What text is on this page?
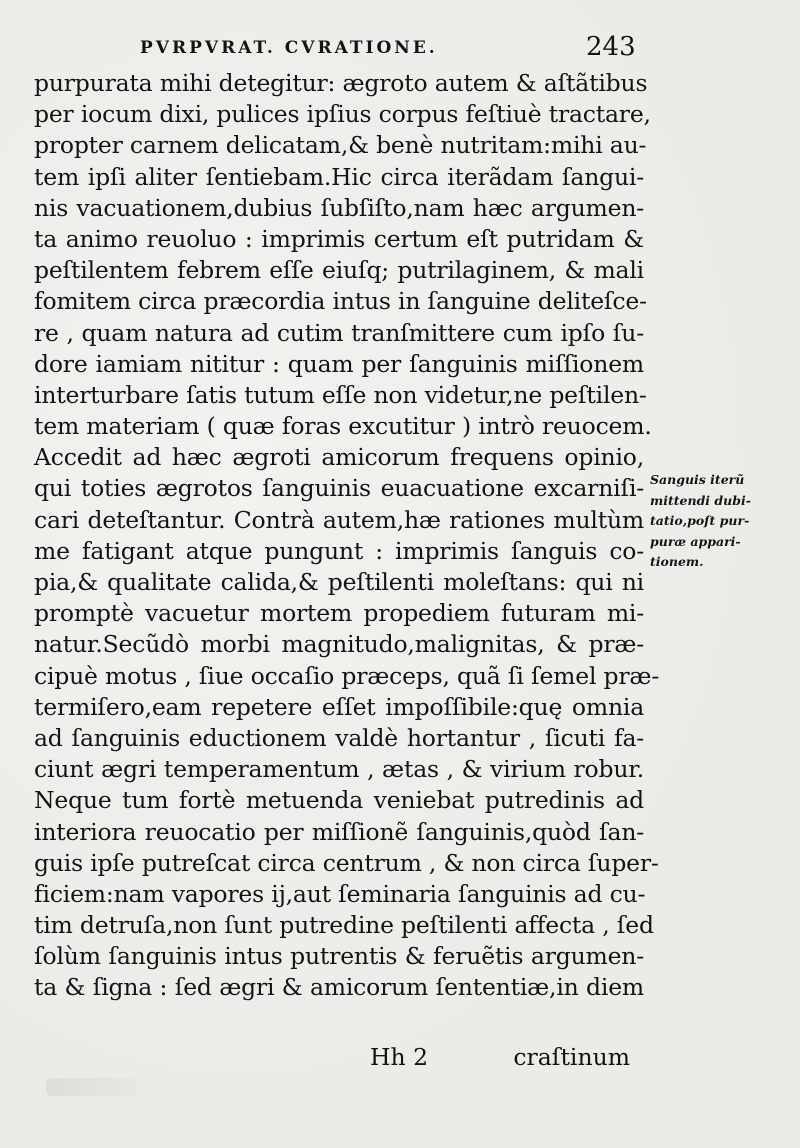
PVRPVRAT. CVRATIONE.	243
purpurata mihi detegitur: ægroto autem & aſtãtibus
per iocum dixi, pulices ipſius corpus feſtiuè tractare,
propter carnem delicatam,& benè nutritam:mihi au-
tem ipſi aliter ſentiebam.Hic circa iterãdam ſangui-
nis vacuationem,dubius ſubſiſto,nam hæc argumen-
ta animo reuoluo : imprimis certum eſt putridam &
peſtilentem febrem eſſe eiuſq; putrilaginem, & mali
fomitem circa præcordia intus in ſanguine deliteſce-
re , quam natura ad cutim tranſmittere cum ipſo ſu-
dore iamiam nititur : quam per ſanguinis miſſionem
interturbare ſatis tutum eſſe non videtur,ne peſtilen-
tem materiam ( quæ foras excutitur ) intrò reuocem.
Accedit ad hæc ægroti amicorum frequens opinio,
qui toties ægrotos ſanguinis euacuatione excarniſi-
cari deteſtantur. Contrà autem,hæ rationes multùm
me fatigant atque pungunt : imprimis ſanguis co-
pia,& qualitate calida,& peſtilenti moleſtans: qui ni
promptè vacuetur mortem propediem futuram mi-
natur.Secũdò morbi magnitudo,malignitas, & præ-
cipuè motus , ſiue occaſio præceps, quã ſi ſemel præ-
termiſero,eam repetere eſſet impoſſibile:quę omnia
ad ſanguinis eductionem valdè hortantur , ſicuti fa-
ciunt ægri temperamentum , ætas , & virium robur.
Neque tum fortè metuenda veniebat putredinis ad
interiora reuocatio per miſſionẽ ſanguinis,quòd ſan-
guis ipſe putreſcat circa centrum , & non circa ſuper-
ficiem:nam vapores ij,aut ſeminaria ſanguinis ad cu-
tim detruſa,non ſunt putredine peſtilenti affecta , ſed
ſolùm ſanguinis intus putrentis & feruẽtis argumen-
ta & ſigna : ſed ægri & amicorum ſententiæ,in diem
Sanguis iterũ
mittendi dubi-
tatio,poſt pur-
puræ appari-
tionem.
Hh 2	craſtinum
